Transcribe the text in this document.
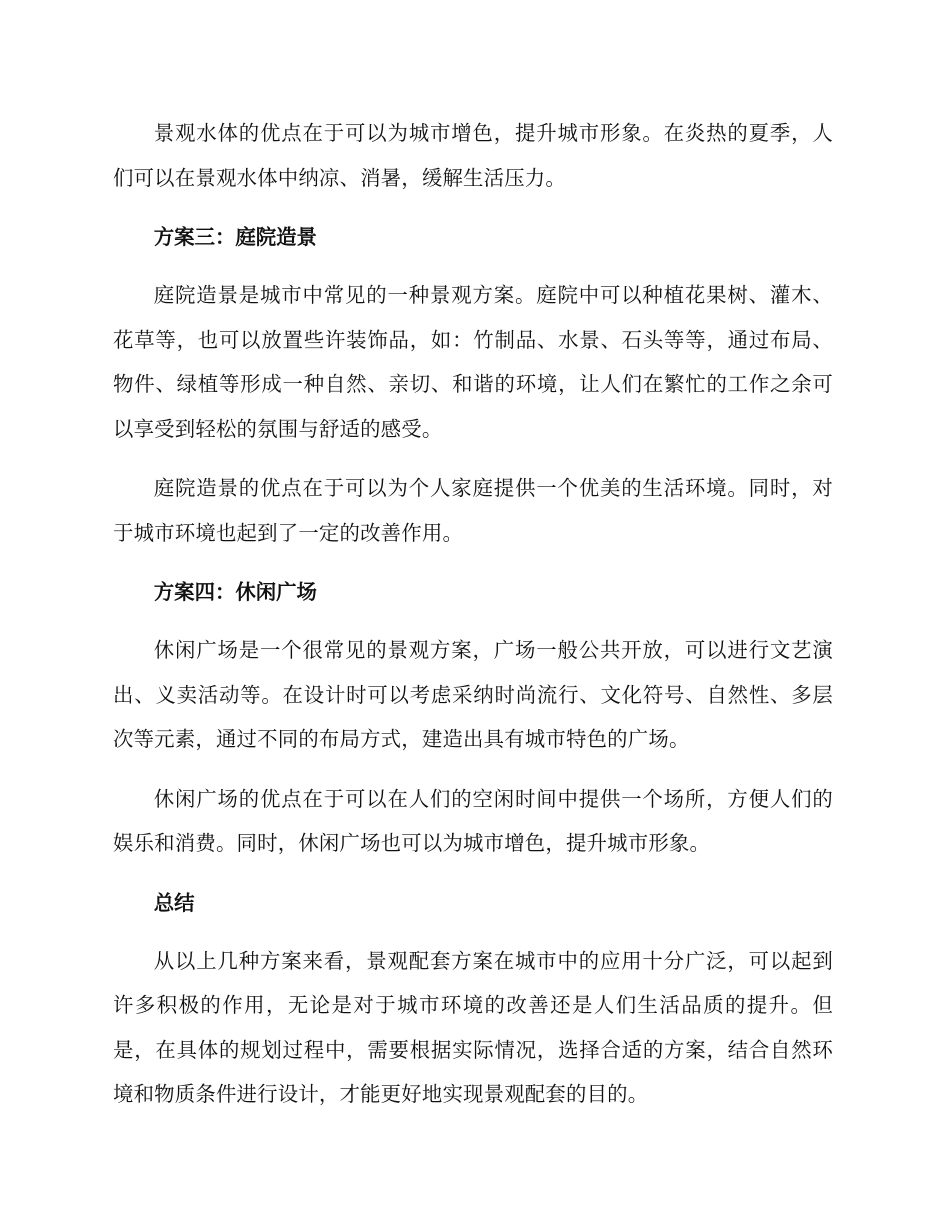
景观水体的优点在于可以为城市增色，提升城市形象。在炎热的夏季，人们可以在景观水体中纳凉、消暑，缓解生活压力。

方案三：庭院造景

庭院造景是城市中常见的一种景观方案。庭院中可以种植花果树、灌木、花草等，也可以放置些许装饰品，如：竹制品、水景、石头等等，通过布局、物件、绿植等形成一种自然、亲切、和谐的环境，让人们在繁忙的工作之余可以享受到轻松的氛围与舒适的感受。

庭院造景的优点在于可以为个人家庭提供一个优美的生活环境。同时，对于城市环境也起到了一定的改善作用。

方案四：休闲广场

休闲广场是一个很常见的景观方案，广场一般公共开放，可以进行文艺演出、义卖活动等。在设计时可以考虑采纳时尚流行、文化符号、自然性、多层次等元素，通过不同的布局方式，建造出具有城市特色的广场。

休闲广场的优点在于可以在人们的空闲时间中提供一个场所，方便人们的娱乐和消费。同时，休闲广场也可以为城市增色，提升城市形象。

总结

从以上几种方案来看，景观配套方案在城市中的应用十分广泛，可以起到许多积极的作用，无论是对于城市环境的改善还是人们生活品质的提升。但是，在具体的规划过程中，需要根据实际情况，选择合适的方案，结合自然环境和物质条件进行设计，才能更好地实现景观配套的目的。
